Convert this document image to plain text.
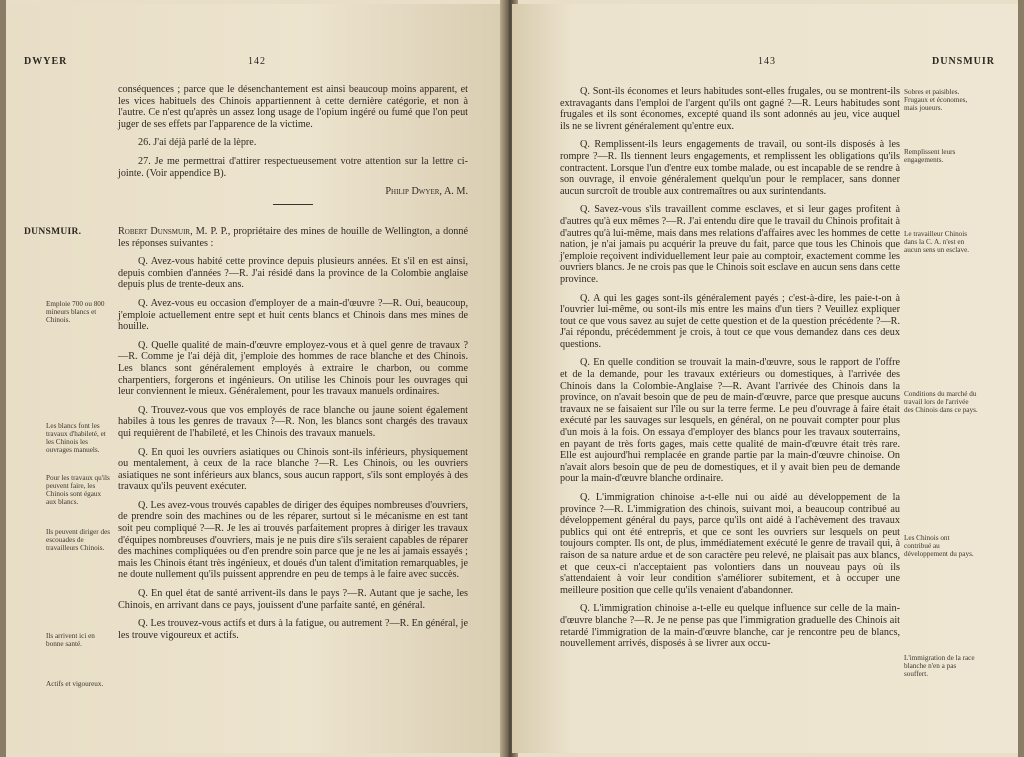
DWYER	142

conséquences ; parce que le désenchantement est ainsi beaucoup moins apparent, et les vices habituels des Chinois appartiennent à cette dernière catégorie, et non à l'autre. Ce n'est qu'après un assez long usage de l'opium ingéré ou fumé que l'on peut juger de ses effets par l'apparence de la victime.

26. J'ai déjà parlé de la lèpre.

27. Je me permettrai d'attirer respectueusement votre attention sur la lettre ci-jointe. (Voir appendice B).

Philip Dwyer, A. M.
DUNSMUIR.	Robert Dunsmuir, M. P. P., propriétaire des mines de houille de Wellington, a donné les réponses suivantes :

Q. Avez-vous habité cette province depuis plusieurs années. Et s'il en est ainsi, depuis combien d'années ?—R. J'ai résidé dans la province de la Colombie anglaise depuis plus de trente-deux ans.

Q. Avez-vous eu occasion d'employer de a main-d'œuvre ?—R. Oui, beaucoup, j'emploie actuellement entre sept et huit cents blancs et Chinois dans mes mines de houille.

Q. Quelle qualité de main-d'œuvre employez-vous et à quel genre de travaux ?—R. Comme je l'ai déjà dit, j'emploie des hommes de race blanche et des Chinois. Les blancs sont généralement employés à extraire le charbon, ou comme charpentiers, forgerons et ingénieurs. On utilise les Chinois pour les ouvrages qui leur conviennent le mieux. Généralement, pour les travaux manuels ordinaires.

Q. Trouvez-vous que vos employés de race blanche ou jaune soient également habiles à tous les genres de travaux ?—R. Non, les blancs sont chargés des travaux qui requièrent de l'habileté, et les Chinois des travaux manuels.

Q. En quoi les ouvriers asiatiques ou Chinois sont-ils inférieurs, physiquement ou mentalement, à ceux de la race blanche ?—R. Les Chinois, ou les ouvriers asiatiques ne sont inférieurs aux blancs, sous aucun rapport, s'ils sont employés à des travaux qu'ils peuvent exécuter.

Q. Les avez-vous trouvés capables de diriger des équipes nombreuses d'ouvriers, de prendre soin des machines ou de les réparer, surtout si le mécanisme en est tant soit peu compliqué ?—R. Je les ai trouvés parfaitement propres à diriger les travaux d'équipes nombreuses d'ouvriers, mais je ne puis dire s'ils seraient capables de réparer des machines compliquées ou d'en prendre soin parce que je ne les ai jamais essayés ; mais les Chinois étant très ingénieux, et doués d'un talent d'imitation remarquables, je ne doute nullement qu'ils puissent apprendre en peu de temps à le faire avec succès.

Q. En quel état de santé arrivent-ils dans le pays ?—R. Autant que je sache, les Chinois, en arrivant dans ce pays, jouissent d'une parfaite santé, en général.

Q. Les trouvez-vous actifs et durs à la fatigue, ou autrement ?—R. En général, je les trouve vigoureux et actifs.

Emploie 700 ou 800 mineurs blancs et Chinois.
Les blancs font les travaux d'habileté, et les Chinois les ouvrages manuels.
Pour les travaux qu'ils peuvent faire, les Chinois sont égaux aux blancs.
Ils peuvent diriger des escouades de travailleurs Chinois.
Ils arrivent ici en bonne santé.
Actifs et vigoureux.
143	DUNSMUIR

Q. Sont-ils économes et leurs habitudes sont-elles frugales, ou se montrent-ils extravagants dans l'emploi de l'argent qu'ils ont gagné ?—R. Leurs habitudes sont frugales et ils sont économes, excepté quand ils sont adonnés au jeu, vice auquel ils ne se livrent généralement qu'entre eux.

Q. Remplissent-ils leurs engagements de travail, ou sont-ils disposés à les rompre ?—R. Ils tiennent leurs engagements, et remplissent les obligations qu'ils contractent. Lorsque l'un d'entre eux tombe malade, ou est incapable de se rendre à son ouvrage, il envoie généralement quelqu'un pour le remplacer, sans donner aucun surcroît de trouble aux contremaîtres ou aux surintendants.

Q. Savez-vous s'ils travaillent comme esclaves, et si leur gages profitent à d'autres qu'à eux mêmes ?—R. J'ai entendu dire que le travail du Chinois profitait à d'autres qu'à lui-même, mais dans mes relations d'affaires avec les hommes de cette nation, je n'ai jamais pu acquérir la preuve du fait, parce que tous les Chinois que j'emploie reçoivent individuellement leur paie au comptoir, exactement comme les ouvriers blancs. Je ne crois pas que le Chinois soit esclave en aucun sens dans cette province.

Q. A qui les gages sont-ils généralement payés ; c'est-à-dire, les paie-t-on à l'ouvrier lui-même, ou sont-ils mis entre les mains d'un tiers ? Veuillez expliquer tout ce que vous savez au sujet de cette question et de la question précédente ?—R. J'ai répondu, précédemment je crois, à tout ce que vous demandez dans ces deux questions.

Q. En quelle condition se trouvait la main-d'œuvre, sous le rapport de l'offre et de la demande, pour les travaux extérieurs ou domestiques, à l'arrivée des Chinois dans la Colombie-Anglaise ?—R. Avant l'arrivée des Chinois dans la province, on n'avait besoin que de peu de main-d'œuvre, parce que presque aucuns travaux ne se faisaient sur l'île ou sur la terre ferme. Le peu d'ouvrage à faire était exécuté par les sauvages sur lesquels, en général, on ne pouvait compter pour plus d'un mois à la fois. On essaya d'employer des blancs pour les travaux souterrains, en payant de très forts gages, mais cette qualité de main-d'œuvre était très rare. Elle est aujourd'hui remplacée en grande partie par la main-d'œuvre chinoise. On n'avait alors besoin que de peu de domestiques, et il y avait bien peu de demande pour la main-d'œuvre blanche ordinaire.

Q. L'immigration chinoise a-t-elle nui ou aidé au développement de la province ?—R. L'immigration des chinois, suivant moi, a beaucoup contribué au développement général du pays, parce qu'ils ont aidé à l'achèvement des travaux publics qui ont été entrepris, et que ce sont les ouvriers sur lesquels on peut toujours compter. Ils ont, de plus, immédiatement exécuté le genre de travail qui, à raison de sa nature ardue et de son caractère peu relevé, ne plaisait pas aux blancs, et que ceux-ci n'acceptaient pas volontiers dans un nouveau pays où ils s'attendaient à voir leur condition s'améliorer subitement, et à occuper une meilleure position que celle qu'ils venaient d'abandonner.

Q. L'immigration chinoise a-t-elle eu quelque influence sur celle de la main-d'œuvre blanche ?—R. Je ne pense pas que l'immigration graduelle des Chinois ait retardé l'immigration de la main-d'œuvre blanche, car je rencontre peu de blancs, nouvellement arrivés, disposés à se livrer aux occu-

Sobres et paisibles. Frugaux et économes, mais joueurs.
Remplissent leurs engagements.
Le travailleur Chinois dans la C. A. n'est en aucun sens un esclave.
Conditions du marché du travail lors de l'arrivée des Chinois dans ce pays.
Les Chinois ont contribué au développement du pays.
L'immigration de la race blanche n'en a pas souffert.
